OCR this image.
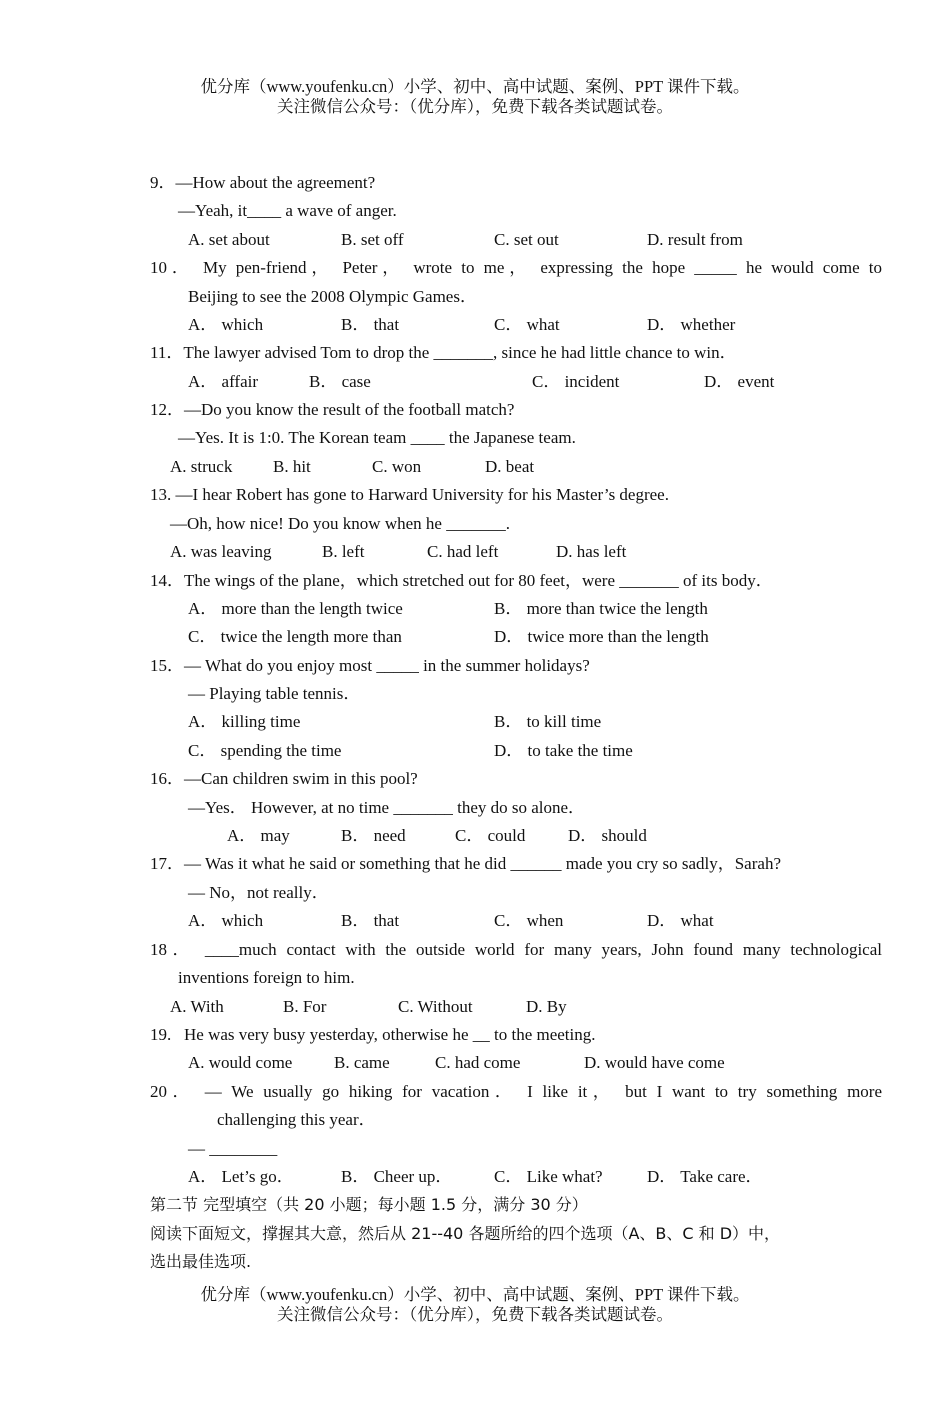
优分库（www.youfenku.cn）小学、初中、高中试题、案例、PPT 课件下载。
关注微信公众号：（优分库），免费下载各类试题试卷。
9．—How about the agreement?
—Yeah, it____ a wave of anger.
A. set about	B. set off	C. set out	D. result from
10． My pen-friend， Peter， wrote to me， expressing the hope _____ he would come to
Beijing to see the 2008 Olympic Games．
A． which	B． that	C． what	D． whether
11．The lawyer advised Tom to drop the _______, since he had little chance to win．
A． affair	B． case	C． incident	D． event
12．—Do you know the result of the football match?
—Yes. It is 1:0. The Korean team ____ the Japanese team.
A. struck B. hit	C. won	D. beat
13. —I hear Robert has gone to Harward University for his Master’s degree.
—Oh, how nice! Do you know when he _______.
A. was leaving	B. left	C. had left	D. has left
14．The wings of the plane，which stretched out for 80 feet，were _______ of its body．
A． more than the length twice	B． more than twice the length
C． twice the length more than	D． twice more than the length
15．— What do you enjoy most _____ in the summer holidays?
— Playing table tennis．
A． killing time	B． to kill time
C． spending the time	D． to take the time
16．—Can children swim in this pool?
—Yes． However, at no time _______ they do so alone．
A． may	B． need	C． could	D． should
17．— Was it what he said or something that he did ______ made you cry so sadly，Sarah?
— No，not really．
A． which	B． that	C． when	D． what
18． ____much contact with the outside world for many years, John found many technological
inventions foreign to him.
A. With	B. For	C. Without	D. By
19.   He was very busy yesterday, otherwise he __ to the meeting.
A. would come B. came	C. had come	D. would have come
20． — We usually go hiking for vacation． I like it， but I want to try something more
challenging this year．
— ________
A． Let’s go．	B． Cheer up． C． Like what?	D． Take care．
第二节 完型填空（共 20 小题；每小题 1.5 分，满分 30 分）
阅读下面短文，撑握其大意，然后从 21--40 各题所给的四个选项（A、B、C 和 D）中，
选出最佳选项.
优分库（www.youfenku.cn）小学、初中、高中试题、案例、PPT 课件下载。
关注微信公众号：（优分库），免费下载各类试题试卷。
